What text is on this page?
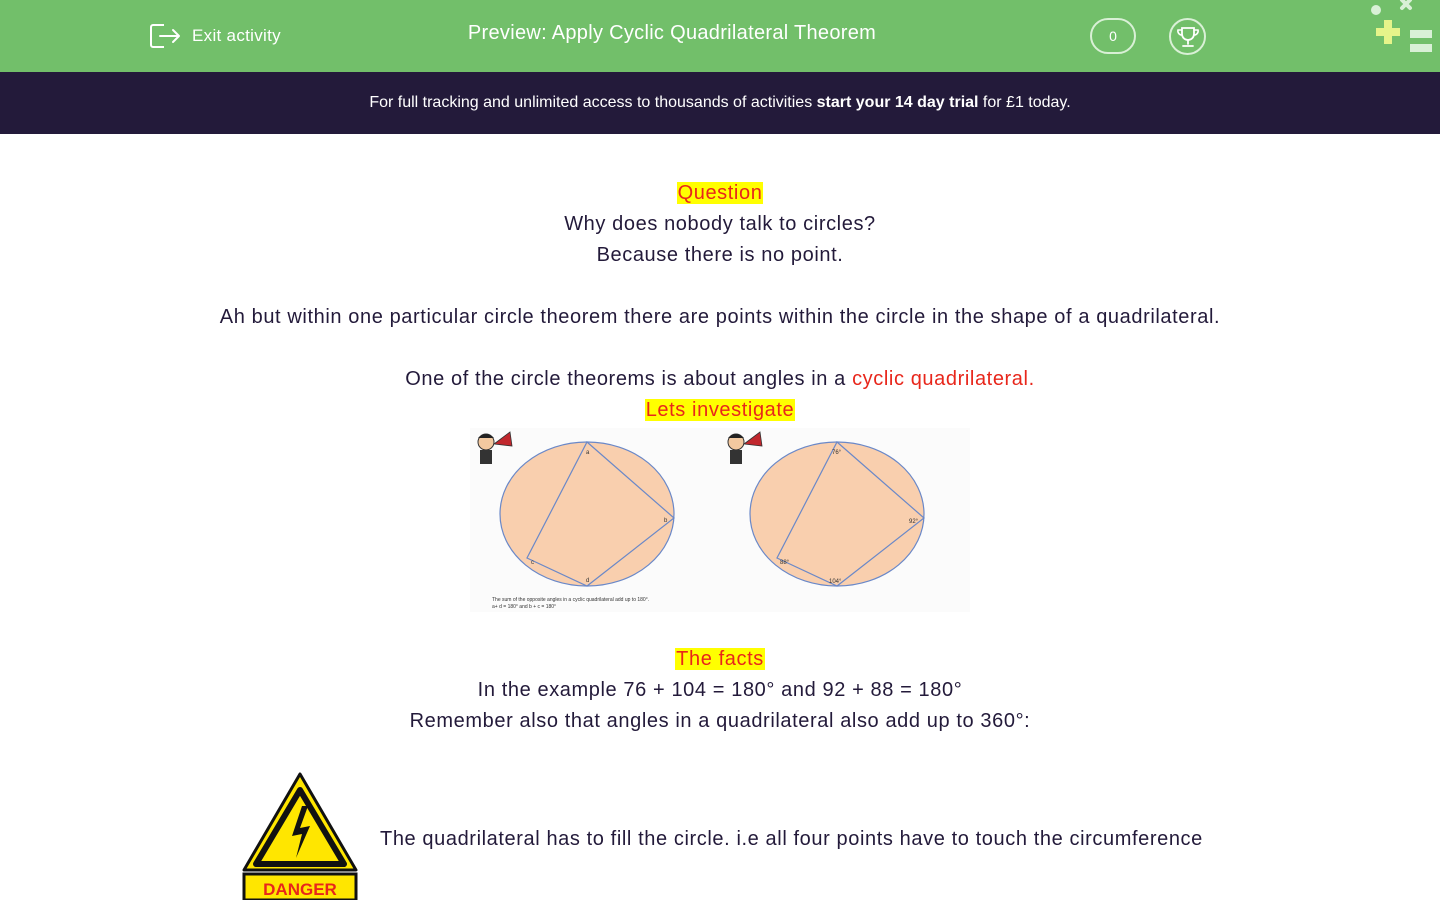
Exit activity	Preview: Apply Cyclic Quadrilateral Theorem	0
For full tracking and unlimited access to thousands of activities start your 14 day trial for £1 today.
Question
Why does nobody talk to circles?
Because there is no point.
Ah but within one particular circle theorem there are points within the circle in the shape of a quadrilateral.
One of the circle theorems is about angles in a cyclic quadrilateral.
Lets investigate
a
b
c
d
The sum of the opposite angles in a cyclic quadrilateral add up to 180°.
a+ d = 180° and b + c = 180°
76°
92°
88°
104°
The facts
In the example 76 + 104 = 180° and 92 + 88 = 180°
Remember also that angles in a quadrilateral also add up to 360°:
DANGER
The quadrilateral has to fill the circle. i.e all four points have to touch the circumference
